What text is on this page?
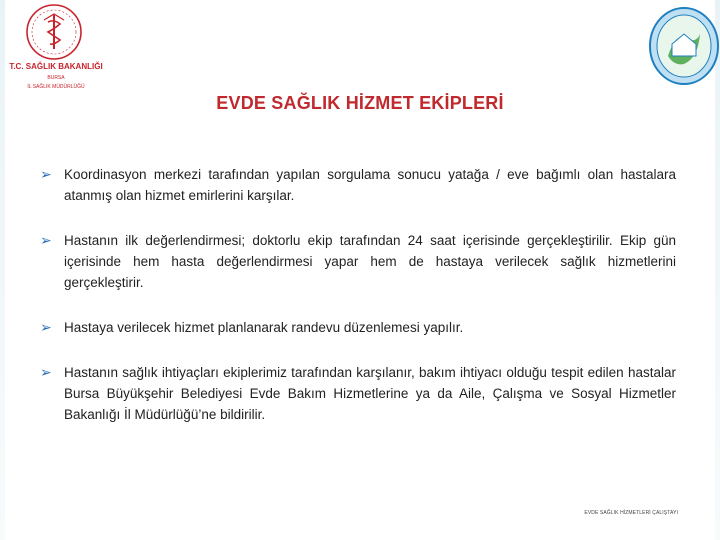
T.C. SAĞLIK BAKANLIĞI
BURSA
İL SAĞLIK MÜDÜRLÜĞÜ
EVDE SAĞLIK HİZMET EKİPLERİ
➢ Koordinasyon merkezi tarafından yapılan sorgulama sonucu yatağa / eve bağımlı olan hastalara atanmış olan hizmet emirlerini karşılar.
➢ Hastanın ilk değerlendirmesi; doktorlu ekip tarafından 24 saat içerisinde gerçekleştirilir. Ekip gün içerisinde hem hasta değerlendirmesi yapar hem de hastaya verilecek sağlık hizmetlerini gerçekleştirir.
➢ Hastaya verilecek hizmet planlanarak randevu düzenlemesi yapılır.
➢ Hastanın sağlık ihtiyaçları ekiplerimiz tarafından karşılanır, bakım ihtiyacı olduğu tespit edilen hastalar Bursa Büyükşehir Belediyesi Evde Bakım Hizmetlerine ya da Aile, Çalışma ve Sosyal Hizmetler Bakanlığı İl Müdürlüğü’ne bildirilir.
EVDE SAĞLIK HİZMETLERİ ÇALIŞTAYI
